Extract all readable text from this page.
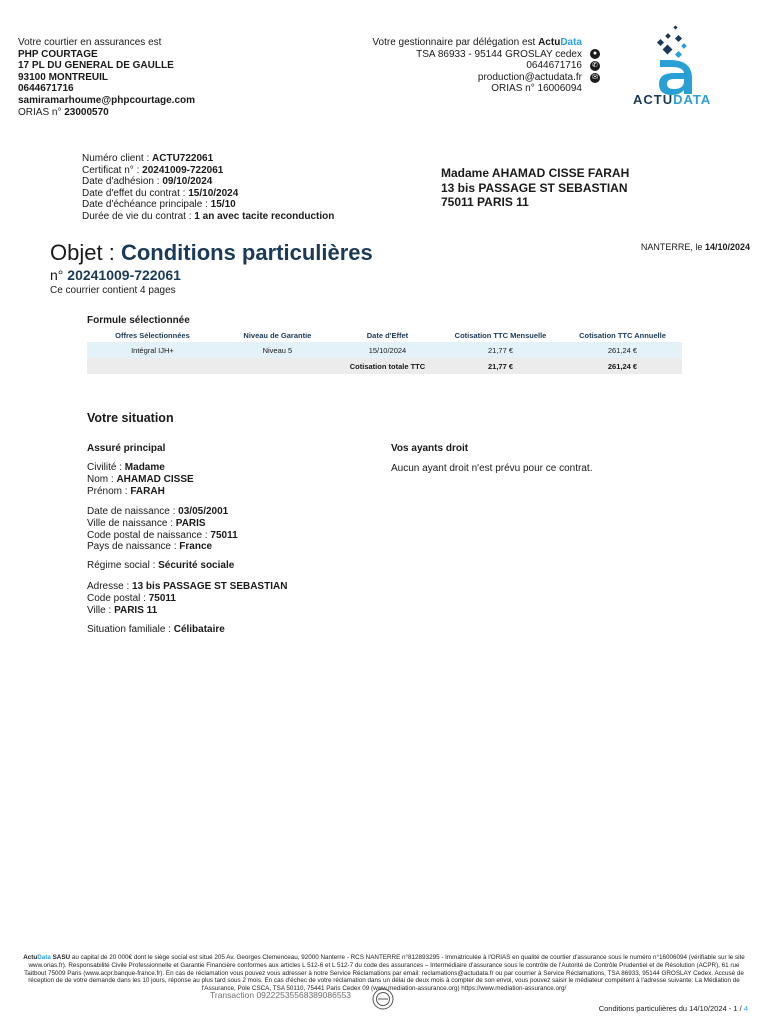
Votre courtier en assurances est
PHP COURTAGE
17 PL DU GENERAL DE GAULLE
93100 MONTREUIL
0644671716
samiramarhoume@phpcourtage.com
ORIAS n° 23000570
Votre gestionnaire par délégation est
ActuData
TSA 86933 - 95144 GROSLAY cedex	●
0644671716 ✆
production@actudata.fr ✉
ORIAS n° 16006094
ACTUDATA
Numéro client : ACTU722061
Certificat n° : 20241009-722061
Date d'adhésion : 09/10/2024
Date d'effet du contrat : 15/10/2024
Date d'échéance principale : 15/10
Durée de vie du contrat : 1 an avec tacite reconduction
Madame AHAMAD CISSE FARAH
13 bis PASSAGE ST SEBASTIAN
75011 PARIS 11
Objet : Conditions particulières
n° 20241009-722061
Ce courrier contient 4 pages
NANTERRE, le 14/10/2024
Formule sélectionnée
Offres Sélectionnées	Niveau de Garantie	Date d'Effet	Cotisation TTC Mensuelle	Cotisation TTC Annuelle
Intégral IJH+	Niveau 5	15/10/2024	21,77 €	261,24 €
		Cotisation totale TTC	21,77 €	261,24 €
Votre situation
Assuré principal	Vos ayants droit
Aucun ayant droit n'est prévu pour ce contrat.
Civilité : Madame
Nom : AHAMAD CISSE
Prénom : FARAH
Date de naissance : 03/05/2001
Ville de naissance : PARIS
Code postal de naissance : 75011
Pays de naissance : France
Régime social : Sécurité sociale
Adresse : 13 bis PASSAGE ST SEBASTIAN
Code postal : 75011
Ville : PARIS 11
Situation familiale : Célibataire
ActuData SASU au capital de 20 000€ dont le siège social est situé 205 Av. Georges Clemenceau, 92000 Nanterre - RCS NANTERRE n°812893295 - Immatriculée à l'ORIAS en qualité de courtier d'assurance sous le numéro n°16006094 (vérifiable sur le site www.orias.fr). Responsabilité Civile Professionnelle et Garantie Financière conformes aux articles L 512-6 et L 512-7 du code des assurances – Intermédiaire d'assurance sous le contrôle de l'Autorité de Contrôle Prudentiel et de Résolution (ACPR), 61 rue Taitbout 75009 Paris (www.acpr.banque-france.fr). En cas de réclamation vous pouvez vous adresser à notre Service Réclamations par email: reclamations@actudata.fr ou par courrier à Service Réclamations, TSA 86933, 95144 GROSLAY Cedex. Accusé de réception de de votre demande dans les 10 jours, réponse au plus tard sous 2 mois. En cas d'échec de votre réclamation dans un délai de deux mois à compter de son envoi, vous pouvez saisir le médiateur compétent à l'adresse suivante: La Médiation de l'Assurance, Pole CSCA, TSA 50110, 75441 Paris Cedex 09 (www.mediation-assurance.org) https://www.mediation-assurance.org/
Transaction 09222535568389086553
Conditions particulières du 14/10/2024 - 1 / 4
